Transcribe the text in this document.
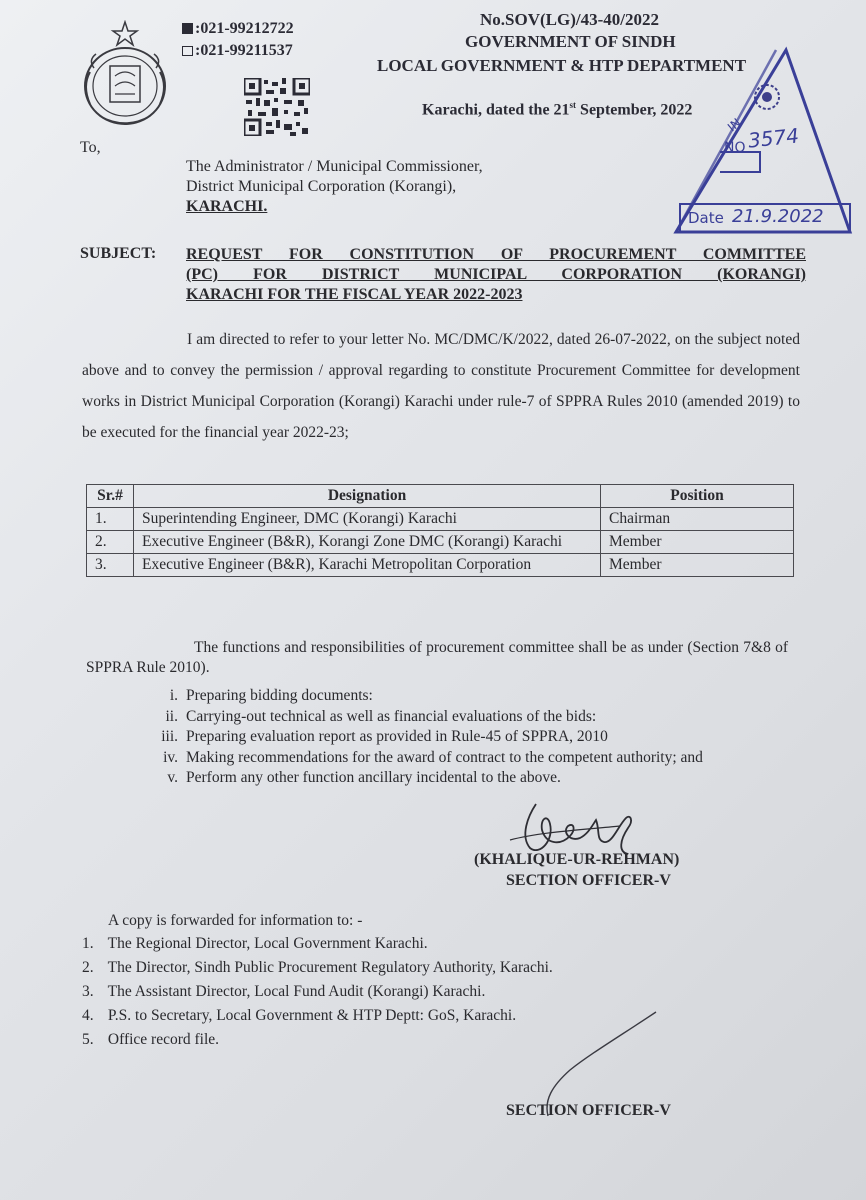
:021-99212722
:021-99211537
No.SOV(LG)/43-40/2022
GOVERNMENT OF SINDH
LOCAL GOVERNMENT & HTP DEPARTMENT
Karachi, dated the 21st September, 2022
IN
NO 3574
Date 21.9.2022
To,
The Administrator / Municipal Commissioner,
District Municipal Corporation (Korangi),
KARACHI.
SUBJECT: REQUEST FOR CONSTITUTION OF PROCUREMENT COMMITTEE
(PC) FOR DISTRICT MUNICIPAL CORPORATION (KORANGI)
KARACHI FOR THE FISCAL YEAR 2022-2023
I am directed to refer to your letter No. MC/DMC/K/2022, dated 26-07-2022, on the subject noted above and to convey the permission / approval regarding to constitute Procurement Committee for development works in District Municipal Corporation (Korangi) Karachi under rule-7 of SPPRA Rules 2010 (amended 2019) to be executed for the financial year 2022-23;
Sr.#	Designation	Position
1.	Superintending Engineer, DMC (Korangi) Karachi	Chairman
2.	Executive Engineer (B&R), Korangi Zone DMC (Korangi) Karachi	Member
3.	Executive Engineer (B&R), Karachi Metropolitan Corporation	Member
The functions and responsibilities of procurement committee shall be as under (Section 7&8 of SPPRA Rule 2010).
i. Preparing bidding documents:
ii. Carrying-out technical as well as financial evaluations of the bids:
iii. Preparing evaluation report as provided in Rule-45 of SPPRA, 2010
iv. Making recommendations for the award of contract to the competent authority; and
v. Perform any other function ancillary incidental to the above.
(KHALIQUE-UR-REHMAN)
SECTION OFFICER-V
A copy is forwarded for information to: -
1. The Regional Director, Local Government Karachi.
2. The Director, Sindh Public Procurement Regulatory Authority, Karachi.
3. The Assistant Director, Local Fund Audit (Korangi) Karachi.
4. P.S. to Secretary, Local Government & HTP Deptt: GoS, Karachi.
5. Office record file.
SECTION OFFICER-V
